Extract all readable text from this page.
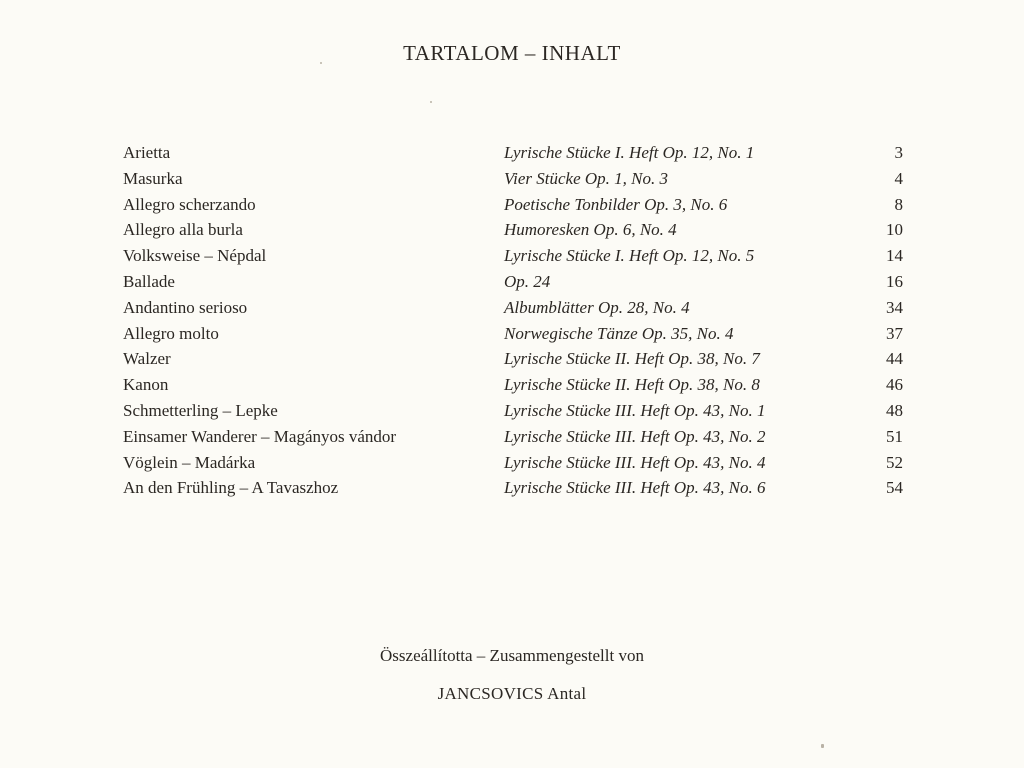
TARTALOM – INHALT
Arietta	Lyrische Stücke I. Heft Op. 12, No. 1	3
Masurka	Vier Stücke Op. 1, No. 3	4
Allegro scherzando	Poetische Tonbilder Op. 3, No. 6	8
Allegro alla burla	Humoresken Op. 6, No. 4	10
Volksweise – Népdal	Lyrische Stücke I. Heft Op. 12, No. 5	14
Ballade	Op. 24	16
Andantino serioso	Albumblätter Op. 28, No. 4	34
Allegro molto	Norwegische Tänze Op. 35, No. 4	37
Walzer	Lyrische Stücke II. Heft Op. 38, No. 7	44
Kanon	Lyrische Stücke II. Heft Op. 38, No. 8	46
Schmetterling – Lepke	Lyrische Stücke III. Heft Op. 43, No. 1	48
Einsamer Wanderer – Magányos vándor	Lyrische Stücke III. Heft Op. 43, No. 2	51
Vöglein – Madárka	Lyrische Stücke III. Heft Op. 43, No. 4	52
An den Frühling – A Tavaszhoz	Lyrische Stücke III. Heft Op. 43, No. 6	54
Összeállította – Zusammengestellt von
JANCSOVICS Antal
